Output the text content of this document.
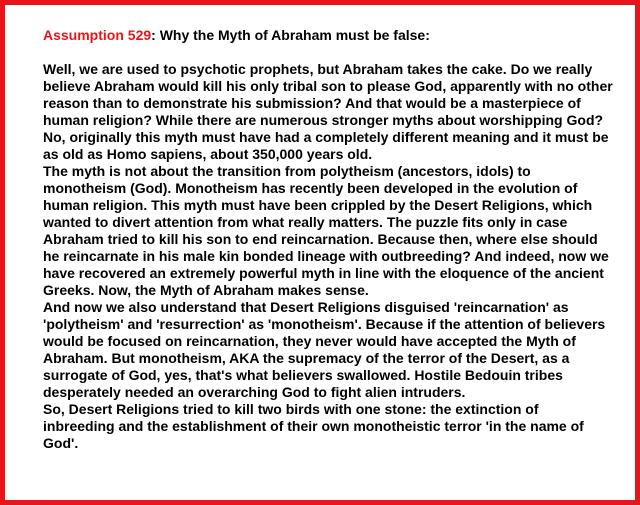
Assumption 529: Why the Myth of Abraham must be false:

Well, we are used to psychotic prophets, but Abraham takes the cake. Do we really believe Abraham would kill his only tribal son to please God, apparently with no other reason than to demonstrate his submission? And that would be a masterpiece of human religion? While there are numerous stronger myths about worshipping God?

No, originally this myth must have had a completely different meaning and it must be as old as Homo sapiens, about 350,000 years old.

The myth is not about the transition from polytheism (ancestors, idols) to monotheism (God). Monotheism has recently been developed in the evolution of human religion. This myth must have been crippled by the Desert Religions, which wanted to divert attention from what really matters. The puzzle fits only in case Abraham tried to kill his son to end reincarnation. Because then, where else should he reincarnate in his male kin bonded lineage with outbreeding? And indeed, now we have recovered an extremely powerful myth in line with the eloquence of the ancient Greeks. Now, the Myth of Abraham makes sense.

And now we also understand that Desert Religions disguised 'reincarnation' as 'polytheism' and 'resurrection' as 'monotheism'. Because if the attention of believers would be focused on reincarnation, they never would have accepted the Myth of Abraham. But monotheism, AKA the supremacy of the terror of the Desert, as a surrogate of God, yes, that's what believers swallowed. Hostile Bedouin tribes desperately needed an overarching God to fight alien intruders.

So, Desert Religions tried to kill two birds with one stone: the extinction of inbreeding and the establishment of their own monotheistic terror 'in the name of God'.
